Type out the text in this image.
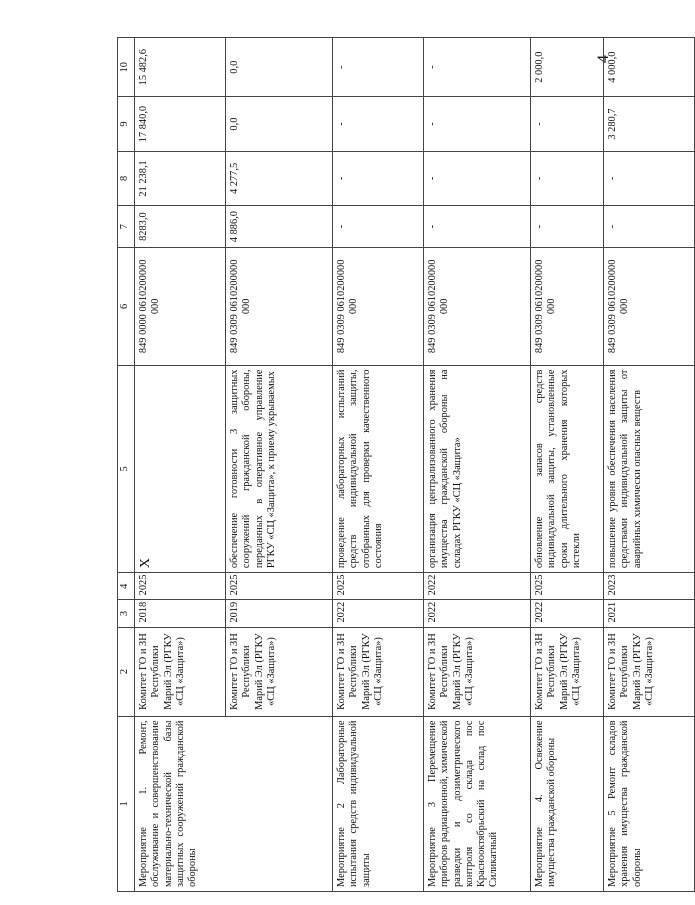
4
1	2	3	4	5	6	7	8	9	10
Мероприятие 1. Ремонт, обслуживание и совершенствование материально-технической базы защитных сооружений гражданской обороны	Комитет ГО и ЗН Республики Марий Эл (РГКУ «СЦ «Защита»)	2018	2025	X	849 0000 0610200000 000	8283,0	21 238,1	17 840,0	15 482,6
	Комитет ГО и ЗН Республики Марий Эл (РГКУ «СЦ «Защита»)	2019	2025	обеспечение готовности 3 защитных сооружений гражданской обороны, переданных в оперативное управление РГКУ «СЦ «Защита», к приему укрываемых	849 0309 0610200000 000	4 886,0	4 277,5	0,0	0,0
Мероприятие 2 Лабораторные испытания средств индивидуальной защиты	Комитет ГО и ЗН Республики Марий Эл (РГКУ «СЦ «Защита»)	2022	2025	проведение лабораторных испытаний средств индивидуальной защиты, отобранных для проверки качественного состояния	849 0309 0610200000 000	-	-	-	-
Мероприятие 3 Перемещение приборов радиационной, химической разведки и дозиметрического контроля со склада пос Краснооктябрьский на склад пос Силикатный	Комитет ГО и ЗН Республики Марий Эл (РГКУ «СЦ «Защита»)	2022	2022	организация централизованного хранения имущества гражданской обороны на складах РГКУ «СЦ «Защита»	849 0309 0610200000 000	-	-	-	-
Мероприятие 4. Освежение имущества гражданской обороны	Комитет ГО и ЗН Республики Марий Эл (РГКУ «СЦ «Защита»)	2022	2025	обновление запасов средств индивидуальной защиты, установленные сроки длительного хранения которых истекли	849 0309 0610200000 000	-	-	-	2 000,0
Мероприятие 5 Ремонт складов хранения имущества гражданской обороны	Комитет ГО и ЗН Республики Марий Эл (РГКУ «СЦ «Защита»)	2021	2023	повышение уровня обеспечения населения средствами индивидуальной защиты от аварийных химически опасных веществ	849 0309 0610200000 000	-	-	3 280,7	4 000,0
